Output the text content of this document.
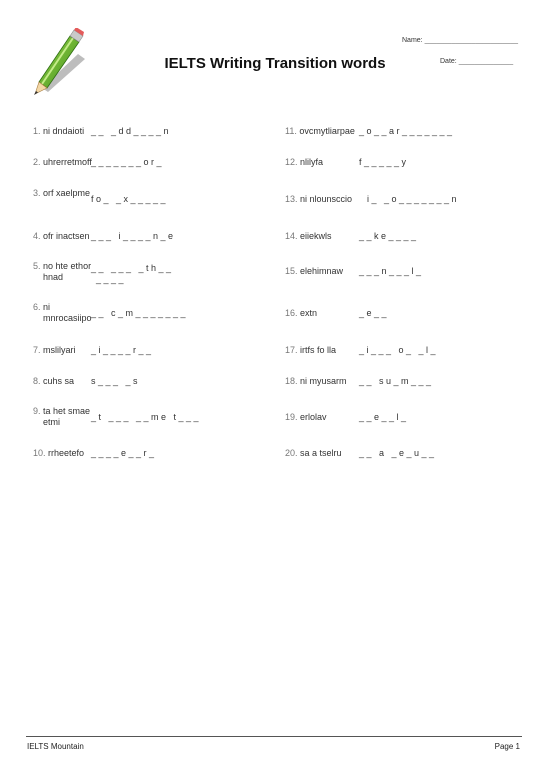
IELTS Writing Transition words
Name: ________________________
Date: ______________
1. ni dndaioti _ _   _ d d _ _ _ _ n
2. uhrerretmoff _ _ _ _ _ _ _ o r _
3. orf xaelpme
f o _   _ x _ _ _ _ _
4. ofr inactsen _ _ _   i _ _ _ _ n _ e
5. no hte ethor hnad
_ _   _ _ _   _ t h _ _
_ _ _ _
6. ni mnrocasiipo _ _   c _ m _ _ _ _ _ _ _
7. mslilyari _ i _ _ _ _ r _ _
8. cuhs sa s _ _ _   _ s
9. ta het smae etmi	_ t   _ _ _   _ _ m e   t _ _ _
10. rrheetefo _ _ _ _ e _ _ r _
11. ovcmytliarpae _ o _ _ a r _ _ _ _ _ _ _
12. nlilyfa	f _ _ _ _ _ y
13. ni nlounsccio i _   _ o _ _ _ _ _ _ _ n
14. eiiekwls	_ _ k e _ _ _ _
15. elehimnaw _ _ _ n _ _ _ l _
16. extn	_ e _ _
17. irtfs fo lla	_ i _ _ _   o _   _ l _
18. ni myusarm _ _   s u _ m _ _ _
19. erlolav	_ _ e _ _ l _
20. sa a tselru _ _   a   _ e _ u _ _
IELTS Mountain	Page 1
